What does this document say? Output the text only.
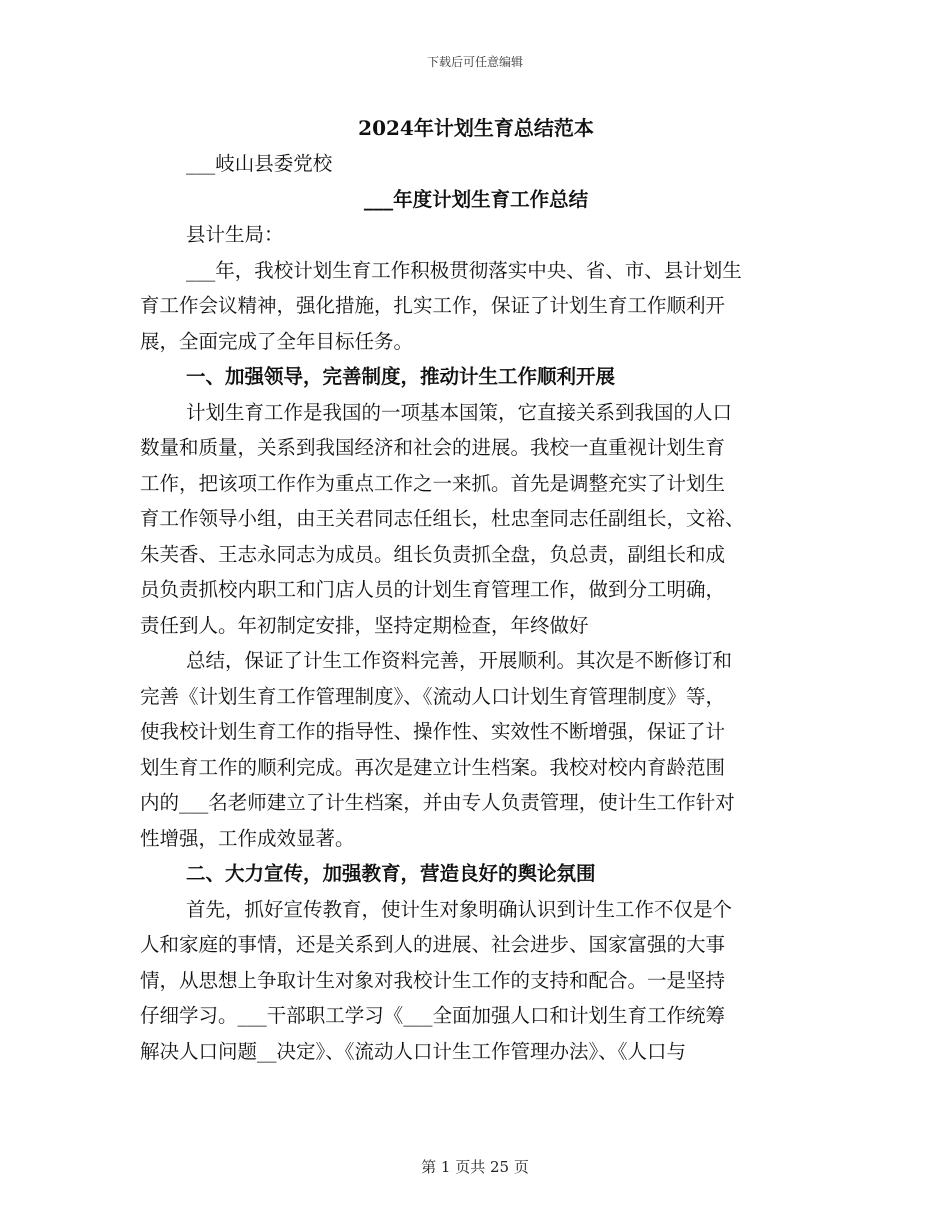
下载后可任意编辑

2024年计划生育总结范本

___岐山县委党校

___年度计划生育工作总结

县计生局：

___年，我校计划生育工作积极贯彻落实中央、省、市、县计划生

育工作会议精神，强化措施，扎实工作，保证了计划生育工作顺利开

展，全面完成了全年目标任务。

一、加强领导，完善制度，推动计生工作顺利开展

计划生育工作是我国的一项基本国策，它直接关系到我国的人口

数量和质量，关系到我国经济和社会的进展。我校一直重视计划生育

工作，把该项工作作为重点工作之一来抓。首先是调整充实了计划生

育工作领导小组，由王关君同志任组长，杜忠奎同志任副组长，文裕、

朱芙香、王志永同志为成员。组长负责抓全盘，负总责，副组长和成

员负责抓校内职工和门店人员的计划生育管理工作，做到分工明确，

责任到人。年初制定安排，坚持定期检查，年终做好

总结，保证了计生工作资料完善，开展顺利。其次是不断修订和

完善《计划生育工作管理制度》、《流动人口计划生育管理制度》等，

使我校计划生育工作的指导性、操作性、实效性不断增强，保证了计

划生育工作的顺利完成。再次是建立计生档案。我校对校内育龄范围

内的___名老师建立了计生档案，并由专人负责管理，使计生工作针对

性增强，工作成效显著。

二、大力宣传，加强教育，营造良好的舆论氛围

首先，抓好宣传教育，使计生对象明确认识到计生工作不仅是个

人和家庭的事情，还是关系到人的进展、社会进步、国家富强的大事

情，从思想上争取计生对象对我校计生工作的支持和配合。一是坚持

仔细学习。___干部职工学习《___全面加强人口和计划生育工作统筹

解决人口问题__决定》、《流动人口计生工作管理办法》、《人口与

第 1 页共 25 页
